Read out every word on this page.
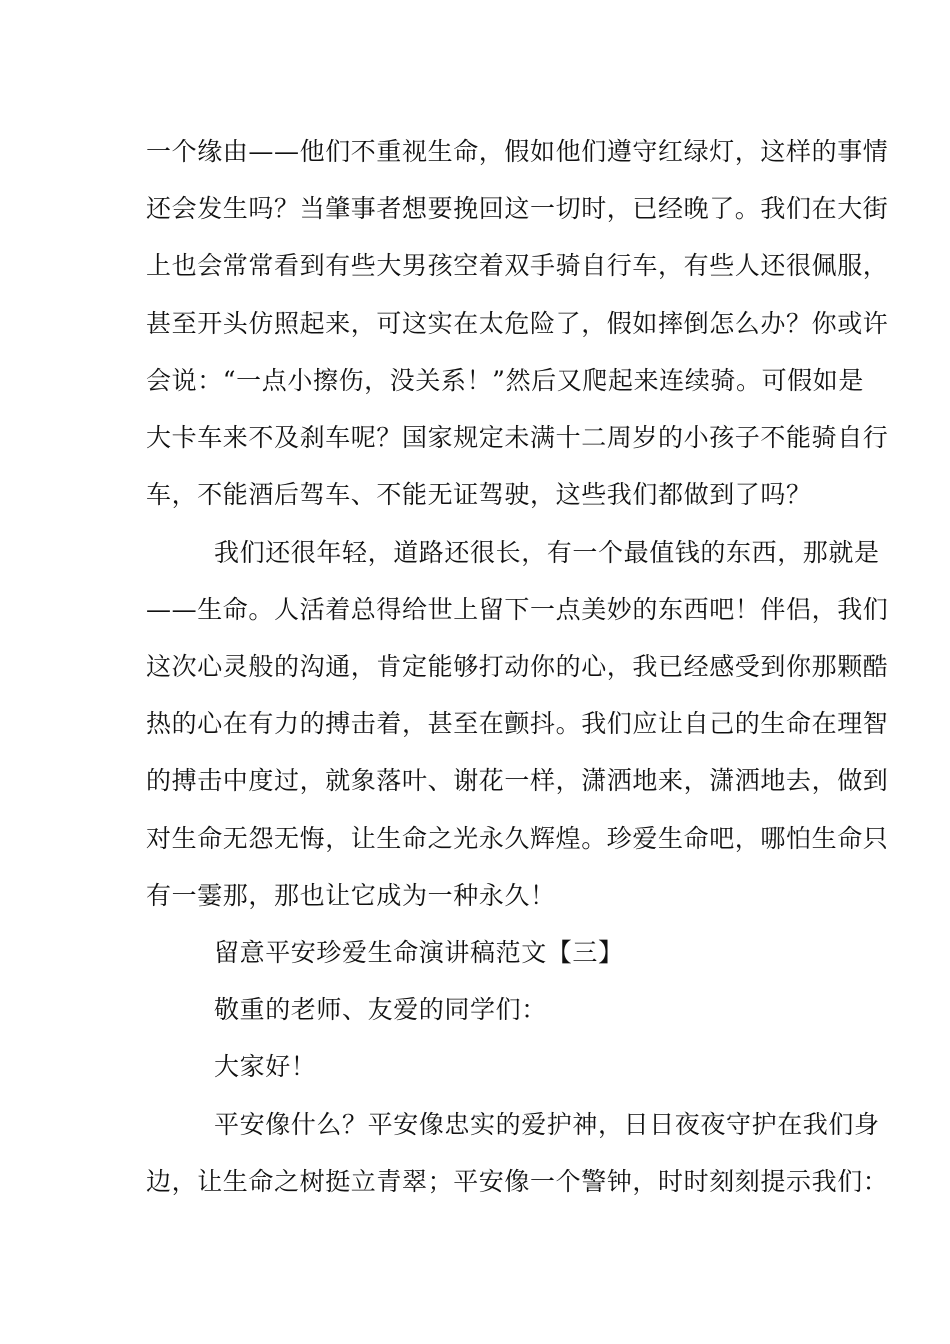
一个缘由——他们不重视生命，假如他们遵守红绿灯，这样的事情
还会发生吗？当肇事者想要挽回这一切时，已经晚了。我们在大街
上也会常常看到有些大男孩空着双手骑自行车，有些人还很佩服，
甚至开头仿照起来，可这实在太危险了，假如摔倒怎么办？你或许
会说：“一点小擦伤，没关系！”然后又爬起来连续骑。可假如是
大卡车来不及刹车呢？国家规定未满十二周岁的小孩子不能骑自行
车，不能酒后驾车、不能无证驾驶，这些我们都做到了吗？
我们还很年轻，道路还很长，有一个最值钱的东西，那就是
——生命。人活着总得给世上留下一点美妙的东西吧！伴侣，我们
这次心灵般的沟通，肯定能够打动你的心，我已经感受到你那颗酷
热的心在有力的搏击着，甚至在颤抖。我们应让自己的生命在理智
的搏击中度过，就象落叶、谢花一样，潇洒地来，潇洒地去，做到
对生命无怨无悔，让生命之光永久辉煌。珍爱生命吧，哪怕生命只
有一霎那，那也让它成为一种永久！
留意平安珍爱生命演讲稿范文【三】
敬重的老师、友爱的同学们：
大家好！
平安像什么？平安像忠实的爱护神，日日夜夜守护在我们身
边，让生命之树挺立青翠；平安像一个警钟，时时刻刻提示我们：
